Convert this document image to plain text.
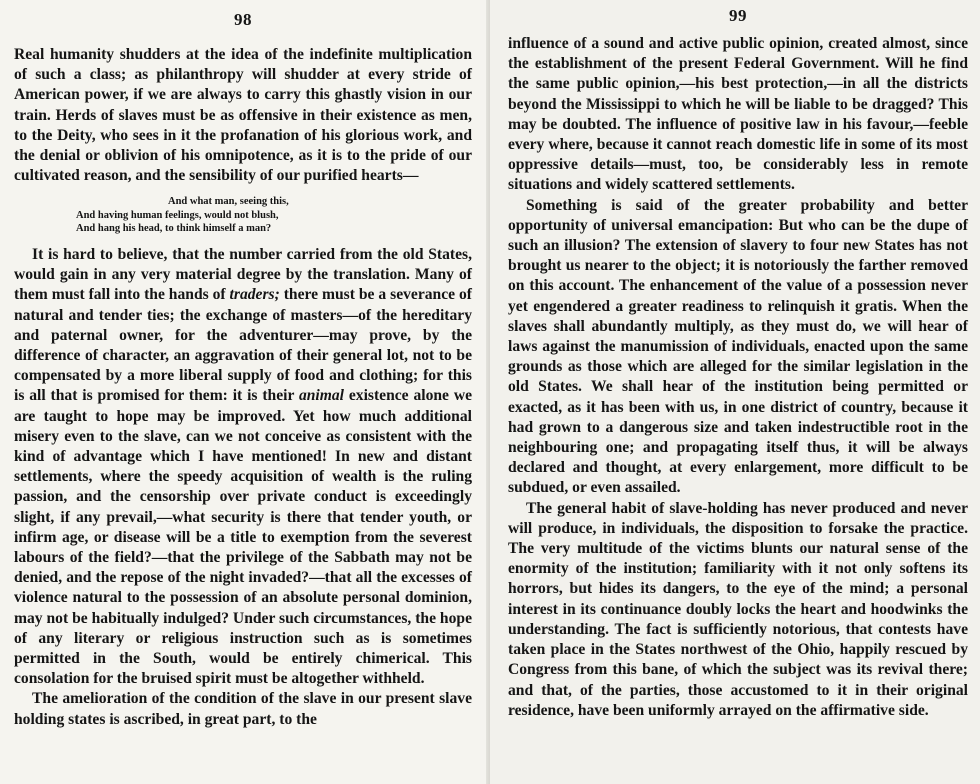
98

Real humanity shudders at the idea of the indefinite multiplication of such a class; as philanthropy will shudder at every stride of American power, if we are always to carry this ghastly vision in our train. Herds of slaves must be as offensive in their existence as men, to the Deity, who sees in it the profanation of his glorious work, and the denial or oblivion of his omnipotence, as it is to the pride of our cultivated reason, and the sensibility of our purified hearts—

And what man, seeing this,
And having human feelings, would not blush,
And hang his head, to think himself a man?

It is hard to believe, that the number carried from the old States, would gain in any very material degree by the translation. Many of them must fall into the hands of traders; there must be a severance of natural and tender ties; the exchange of masters—of the hereditary and paternal owner, for the adventurer—may prove, by the difference of character, an aggravation of their general lot, not to be compensated by a more liberal supply of food and clothing; for this is all that is promised for them: it is their animal existence alone we are taught to hope may be improved. Yet how much additional misery even to the slave, can we not conceive as consistent with the kind of advantage which I have mentioned! In new and distant settlements, where the speedy acquisition of wealth is the ruling passion, and the censorship over private conduct is exceedingly slight, if any prevail,—what security is there that tender youth, or infirm age, or disease will be a title to exemption from the severest labours of the field?—that the privilege of the Sabbath may not be denied, and the repose of the night invaded?—that all the excesses of violence natural to the possession of an absolute personal dominion, may not be habitually indulged? Under such circumstances, the hope of any literary or religious instruction such as is sometimes permitted in the South, would be entirely chimerical. This consolation for the bruised spirit must be altogether withheld.

The amelioration of the condition of the slave in our present slave holding states is ascribed, in great part, to the

99

influence of a sound and active public opinion, created almost, since the establishment of the present Federal Government. Will he find the same public opinion,—his best protection,—in all the districts beyond the Mississippi to which he will be liable to be dragged? This may be doubted. The influence of positive law in his favour,—feeble every where, because it cannot reach domestic life in some of its most oppressive details—must, too, be considerably less in remote situations and widely scattered settlements.

Something is said of the greater probability and better opportunity of universal emancipation: But who can be the dupe of such an illusion? The extension of slavery to four new States has not brought us nearer to the object; it is notoriously the farther removed on this account. The enhancement of the value of a possession never yet engendered a greater readiness to relinquish it gratis. When the slaves shall abundantly multiply, as they must do, we will hear of laws against the manumission of individuals, enacted upon the same grounds as those which are alleged for the similar legislation in the old States. We shall hear of the institution being permitted or exacted, as it has been with us, in one district of country, because it had grown to a dangerous size and taken indestructible root in the neighbouring one; and propagating itself thus, it will be always declared and thought, at every enlargement, more difficult to be subdued, or even assailed.

The general habit of slave-holding has never produced and never will produce, in individuals, the disposition to forsake the practice. The very multitude of the victims blunts our natural sense of the enormity of the institution; familiarity with it not only softens its horrors, but hides its dangers, to the eye of the mind; a personal interest in its continuance doubly locks the heart and hoodwinks the understanding. The fact is sufficiently notorious, that contests have taken place in the States northwest of the Ohio, happily rescued by Congress from this bane, of which the subject was its revival there; and that, of the parties, those accustomed to it in their original residence, have been uniformly arrayed on the affirmative side.
